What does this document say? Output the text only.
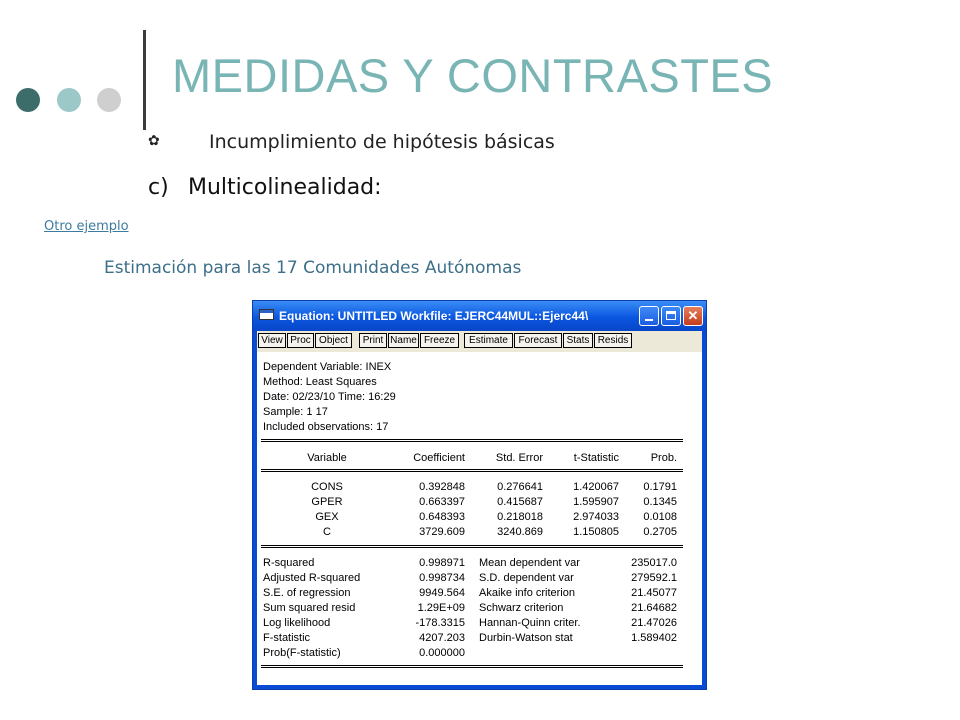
MEDIDAS Y CONTRASTES
✿	Incumplimiento de hipótesis básicas
c) Multicolinealidad:
Otro ejemplo
Estimación para las 17 Comunidades Autónomas
Equation: UNTITLED Workfile: EJERC44MUL::Ejerc44\	✕
View Proc Object	Print Name Freeze	Estimate	Forecast Stats Resids
Dependent Variable: INEX
Method: Least Squares
Date: 02/23/10 Time: 16:29
Sample: 1 17
Included observations: 17
Variable	Coefficient	Std. Error	t-Statistic	Prob.
CONS	0.392848	0.276641	1.420067	0.1791
GPER	0.663397	0.415687	1.595907	0.1345
GEX	0.648393	0.218018	2.974033	0.0108
C	3729.609	3240.869	1.150805	0.2705
R-squared	0.998971 Mean dependent var	235017.0
Adjusted R-squared	0.998734 S.D. dependent var	279592.1
S.E. of regression	9949.564 Akaike info criterion	21.45077
Sum squared resid	1.29E+09 Schwarz criterion	21.64682
Log likelihood	-178.3315 Hannan-Quinn criter.	21.47026
F-statistic	4207.203 Durbin-Watson stat	1.589402
Prob(F-statistic)	0.000000
